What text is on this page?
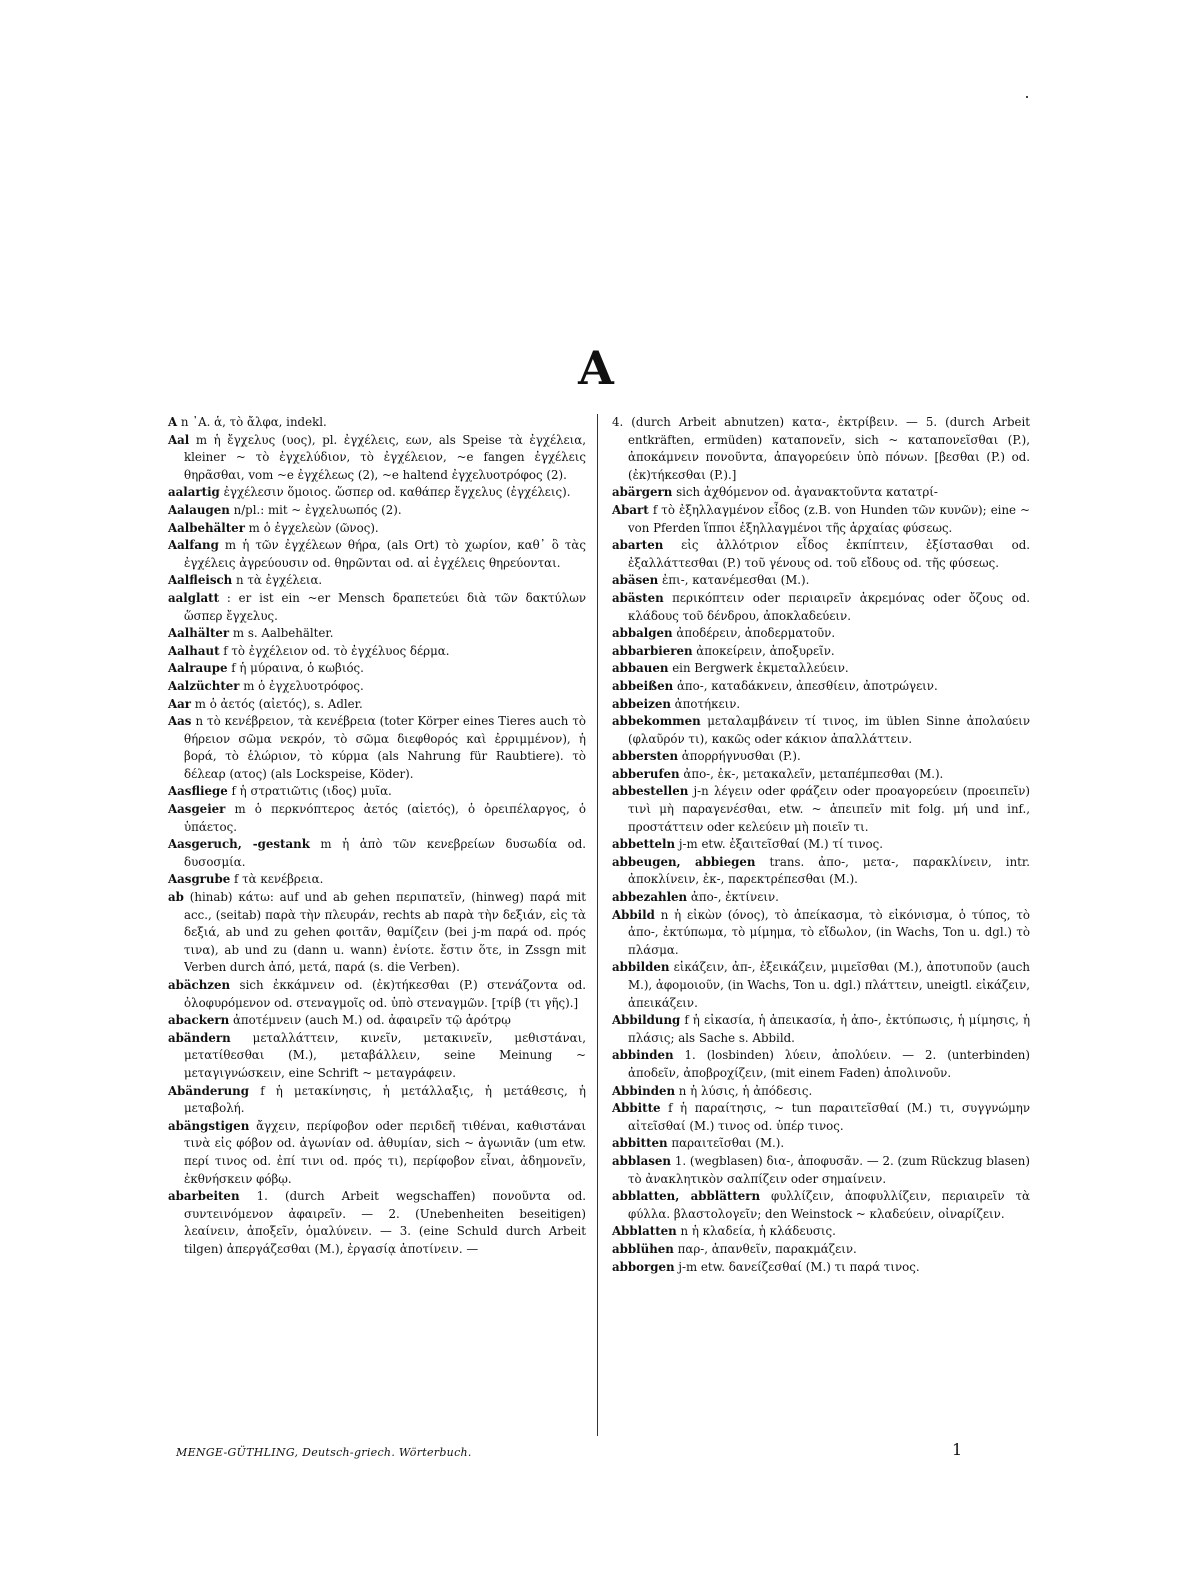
A
A n ᾽Α. ἁ, τὸ ἄλφα, indekl.
Aal m ἡ ἔγχελυς (υος), pl. ἐγχέλεις, εων, als Speise τὰ ἐγχέλεια, kleiner ~ τὸ ἐγχελύδιον, τὸ ἐγχέλειον, ~e fangen ἐγχέλεις θηρᾶσθαι, vom ~e ἐγχέλεως (2), ~e haltend ἐγχελυοτρόφος (2).
aalartig ἐγχέλεσιν ὅμοιος. ὥσπερ od. καθάπερ ἔγχελυς (ἐγχέλεις).
Aalaugen n/pl.: mit ~ ἐγχελυωπός (2).
Aalbehälter m ὁ ἐγχελεὼν (ῶνος).
Aalfang m ἡ τῶν ἐγχέλεων θήρα, (als Ort) τὸ χωρίον, καθ᾽ ὃ τὰς ἐγχέλεις ἀγρεύουσιν od. θηρῶνται od. αἱ ἐγχέλεις θηρεύονται.
Aalfleisch n τὰ ἐγχέλεια.
aalglatt : er ist ein ~er Mensch δραπετεύει διὰ τῶν δακτύλων ὥσπερ ἔγχελυς.
Aalhälter m s. Aalbehälter.
Aalhaut f τὸ ἐγχέλειον od. τὸ ἐγχέλυος δέρμα.
Aalraupe f ἡ μύραινα, ὁ κωβιός.
Aalzüchter m ὁ ἐγχελυοτρόφος.
Aar m ὁ ἀετός (αἰετός), s. Adler.
Aas n τὸ κενέβρειον, τὰ κενέβρεια (toter Körper eines Tieres auch τὸ θήρειον σῶμα νεκρόν, τὸ σῶμα διεφθορός καὶ ἐρριμμένον), ἡ βορά, τὸ ἑλώριον, τὸ κύρμα (als Nahrung für Raubtiere). τὸ δέλεαρ (ατος) (als Lockspeise, Köder).
Aasfliege f ἡ στρατιῶτις (ιδος) μυῖα.
Aasgeier m ὁ περκνόπτερος ἀετός (αἰετός), ὁ ὀρειπέλαργος, ὁ ὑπάετος.
Aasgeruch, -gestank m ἡ ἀπὸ τῶν κενεβρείων δυσωδία od. δυσοσμία.
Aasgrube f τὰ κενέβρεια.
ab (hinab) κάτω: auf und ab gehen περιπατεῖν, (hinweg) παρά mit acc., (seitab) παρὰ τὴν πλευράν, rechts ab παρὰ τὴν δεξιάν, εἰς τὰ δεξιά, ab und zu gehen φοιτᾶν, θαμίζειν (bei j-m παρά od. πρός τινα), ab und zu (dann u. wann) ἐνίοτε. ἔστιν ὅτε, in Zssgn mit Verben durch ἀπό, μετά, παρά (s. die Verben).
abächzen sich ἐκκάμνειν od. (ἐκ)τήκεσθαι (P.) στενάζοντα od. ὀλοφυρόμενον od. στεναγμοῖς od. ὑπὸ στεναγμῶν. [τρίβ (τι γῆς).]
abackern ἀποτέμνειν (auch M.) od. ἀφαιρεῖν τῷ ἀρότρῳ
abändern μεταλλάττειν, κινεῖν, μετακινεῖν, μεθιστάναι, μετατίθεσθαι (M.), μεταβάλλειν, seine Meinung ~ μεταγιγνώσκειν, eine Schrift ~ μεταγράφειν.
Abänderung f ἡ μετακίνησις, ἡ μετάλλαξις, ἡ μετάθεσις, ἡ μεταβολή.
abängstigen ἄγχειν, περίφοβον oder περιδεῆ τιθέναι, καθιστάναι τινὰ εἰς φόβον od. ἀγωνίαν od. ἀθυμίαν, sich ~ ἀγωνιᾶν (um etw. περί τινος od. ἐπί τινι od. πρός τι), περίφοβον εἶναι, ἀδημονεῖν, ἐκθνήσκειν φόβῳ.
abarbeiten 1. (durch Arbeit wegschaffen) πονοῦντα od. συντεινόμενον ἀφαιρεῖν. — 2. (Unebenheiten beseitigen) λεαίνειν, ἀποξεῖν, ὁμαλύνειν. — 3. (eine Schuld durch Arbeit tilgen) ἀπεργάζεσθαι (M.), ἐργασίᾳ ἀποτίνειν. —
4. (durch Arbeit abnutzen) κατα-, ἐκτρίβειν. — 5. (durch Arbeit entkräften, ermüden) καταπονεῖν, sich ~ καταπονεῖσθαι (P.), ἀποκάμνειν πονοῦντα, ἀπαγορεύειν ὑπὸ πόνων. [βεσθαι (P.) od. (ἐκ)τήκεσθαι (P.).]
abärgern sich ἀχθόμενον od. ἀγανακτοῦντα κατατρί-
Abart f τὸ ἐξηλλαγμένον εἶδος (z.B. von Hunden τῶν κυνῶν); eine ~ von Pferden ἵπποι ἐξηλλαγμένοι τῆς ἀρχαίας φύσεως.
abarten εἰς ἀλλότριον εἶδος ἐκπίπτειν, ἐξίστασθαι od. ἐξαλλάττεσθαι (P.) τοῦ γένους od. τοῦ εἴδους od. τῆς φύσεως.
abäsen ἐπι-, κατανέμεσθαι (M.).
abästen περικόπτειν oder περιαιρεῖν ἀκρεμόνας oder ὄζους od. κλάδους τοῦ δένδρου, ἀποκλαδεύειν.
abbalgen ἀποδέρειν, ἀποδερματοῦν.
abbarbieren ἀποκείρειν, ἀποξυρεῖν.
abbauen ein Bergwerk ἐκμεταλλεύειν.
abbeißen ἀπο-, καταδάκνειν, ἀπεσθίειν, ἀποτρώγειν.
abbeizen ἀποτήκειν.
abbekommen μεταλαμβάνειν τί τινος, im üblen Sinne ἀπολαύειν (φλαῦρόν τι), κακῶς oder κάκιον ἀπαλλάττειν.
abbersten ἀπορρήγνυσθαι (P.).
abberufen ἀπο-, ἐκ-, μετακαλεῖν, μεταπέμπεσθαι (M.).
abbestellen j-n λέγειν oder φράζειν oder προαγορεύειν (προειπεῖν) τινὶ μὴ παραγενέσθαι, etw. ~ ἀπειπεῖν mit folg. μή und inf., προστάττειν oder κελεύειν μὴ ποιεῖν τι.
abbetteln j-m etw. ἐξαιτεῖσθαί (M.) τί τινος.
abbeugen, abbiegen trans. ἀπο-, μετα-, παρακλίνειν, intr. ἀποκλίνειν, ἐκ-, παρεκτρέπεσθαι (M.).
abbezahlen ἀπο-, ἐκτίνειν.
Abbild n ἡ εἰκὼν (όνος), τὸ ἀπείκασμα, τὸ εἰκόνισμα, ὁ τύπος, τὸ ἀπο-, ἐκτύπωμα, τὸ μίμημα, τὸ εἴδωλον, (in Wachs, Ton u. dgl.) τὸ πλάσμα.
abbilden εἰκάζειν, ἀπ-, ἐξεικάζειν, μιμεῖσθαι (M.), ἀποτυποῦν (auch M.), ἀφομοιοῦν, (in Wachs, Ton u. dgl.) πλάττειν, uneigtl. εἰκάζειν, ἀπεικάζειν.
Abbildung f ἡ εἰκασία, ἡ ἀπεικασία, ἡ ἀπο-, ἐκτύπωσις, ἡ μίμησις, ἡ πλάσις; als Sache s. Abbild.
abbinden 1. (losbinden) λύειν, ἀπολύειν. — 2. (unterbinden) ἀποδεῖν, ἀποβροχίζειν, (mit einem Faden) ἀπολινοῦν.
Abbinden n ἡ λύσις, ἡ ἀπόδεσις.
Abbitte f ἡ παραίτησις, ~ tun παραιτεῖσθαί (M.) τι, συγγνώμην αἰτεῖσθαί (M.) τινος od. ὑπέρ τινος.
abbitten παραιτεῖσθαι (M.).
abblasen 1. (wegblasen) δια-, ἀποφυσᾶν. — 2. (zum Rückzug blasen) τὸ ἀνακλητικὸν σαλπίζειν oder σημαίνειν.
abblatten, abblättern φυλλίζειν, ἀποφυλλίζειν, περιαιρεῖν τὰ φύλλα. βλαστολογεῖν; den Weinstock ~ κλαδεύειν, οἰναρίζειν.
Abblatten n ἡ κλαδεία, ἡ κλάδευσις.
abblühen παρ-, ἀπανθεῖν, παρακμάζειν.
abborgen j-m etw. δανείζεσθαί (M.) τι παρά τινος.
MENGE-GÜTHLING, Deutsch-griech. Wörterbuch.	1
